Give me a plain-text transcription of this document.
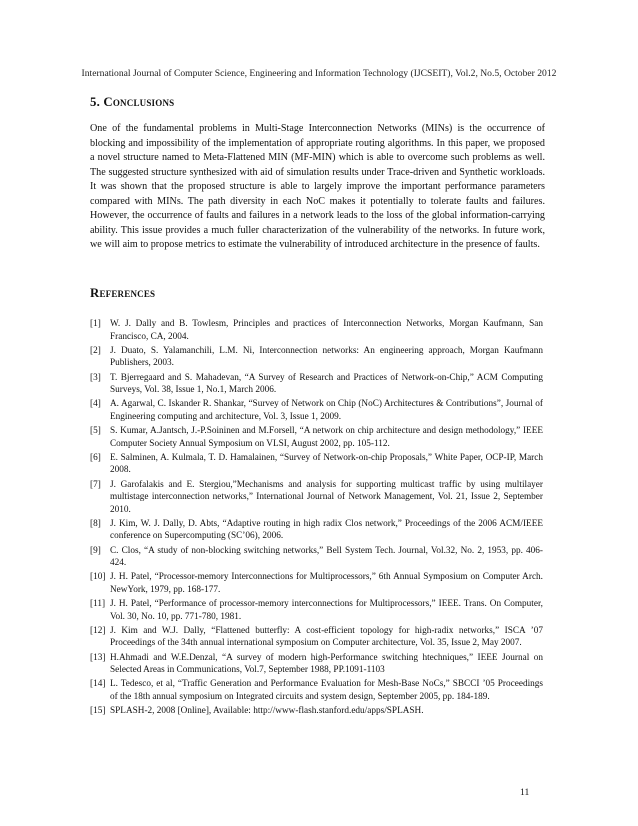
International Journal of Computer Science, Engineering and Information Technology (IJCSEIT), Vol.2, No.5, October 2012
5. Conclusions

One of the fundamental problems in Multi-Stage Interconnection Networks (MINs) is the occurrence of blocking and impossibility of the implementation of appropriate routing algorithms. In this paper, we proposed a novel structure named to Meta-Flattened MIN (MF-MIN) which is able to overcome such problems as well. The suggested structure synthesized with aid of simulation results under Trace-driven and Synthetic workloads. It was shown that the proposed structure is able to largely improve the important performance parameters compared with MINs. The path diversity in each NoC makes it potentially to tolerate faults and failures. However, the occurrence of faults and failures in a network leads to the loss of the global information-carrying ability. This issue provides a much fuller characterization of the vulnerability of the networks. In future work, we will aim to propose metrics to estimate the vulnerability of introduced architecture in the presence of faults.

References
[1] W. J. Dally and B. Towlesm, Principles and practices of Interconnection Networks, Morgan Kaufmann, San Francisco, CA, 2004.
[2] J. Duato, S. Yalamanchili, L.M. Ni, Interconnection networks: An engineering approach, Morgan Kaufmann Publishers, 2003.
[3] T. Bjerregaard and S. Mahadevan, “A Survey of Research and Practices of Network-on-Chip,” ACM Computing Surveys, Vol. 38, Issue 1, No.1, March 2006.
[4] A. Agarwal, C. Iskander R. Shankar, “Survey of Network on Chip (NoC) Architectures & Contributions”, Journal of Engineering computing and architecture, Vol. 3, Issue 1, 2009.
[5] S. Kumar, A.Jantsch, J.-P.Soininen and M.Forsell, “A network on chip architecture and design methodology,” IEEE Computer Society Annual Symposium on VLSI, August 2002, pp. 105-112.
[6] E. Salminen, A. Kulmala, T. D. Hamalainen, “Survey of Network-on-chip Proposals,” White Paper, OCP-IP, March 2008.
[7] J. Garofalakis and E. Stergiou,”Mechanisms and analysis for supporting multicast traffic by using multilayer multistage interconnection networks,” International Journal of Network Management, Vol. 21, Issue 2, September 2010.
[8] J. Kim, W. J. Dally, D. Abts, “Adaptive routing in high radix Clos network,” Proceedings of the 2006 ACM/IEEE conference on Supercomputing (SC’06), 2006.
[9] C. Clos, “A study of non-blocking switching networks,” Bell System Tech. Journal, Vol.32, No. 2, 1953, pp. 406-424.
[10] J. H. Patel, “Processor-memory Interconnections for Multiprocessors,” 6th Annual Symposium on Computer Arch. NewYork, 1979, pp. 168-177.
[11] J. H. Patel, “Performance of processor-memory interconnections for Multiprocessors,” IEEE. Trans. On Computer, Vol. 30, No. 10, pp. 771-780, 1981.
[12] J. Kim and W.J. Dally, “Flattened butterfly: A cost-efficient topology for high-radix networks,” ISCA ’07 Proceedings of the 34th annual international symposium on Computer architecture, Vol. 35, Issue 2, May 2007.
[13] H.Ahmadi and W.E.Denzal, “A survey of modern high-Performance switching htechniques,” IEEE Journal on Selected Areas in Communications, Vol.7, September 1988, PP.1091-1103
[14] L. Tedesco, et al, “Traffic Generation and Performance Evaluation for Mesh-Base NoCs,” SBCCI ’05 Proceedings of the 18th annual symposium on Integrated circuits and system design, September 2005, pp. 184-189.
[15] SPLASH-2, 2008 [Online], Available: http://www-flash.stanford.edu/apps/SPLASH.
11
